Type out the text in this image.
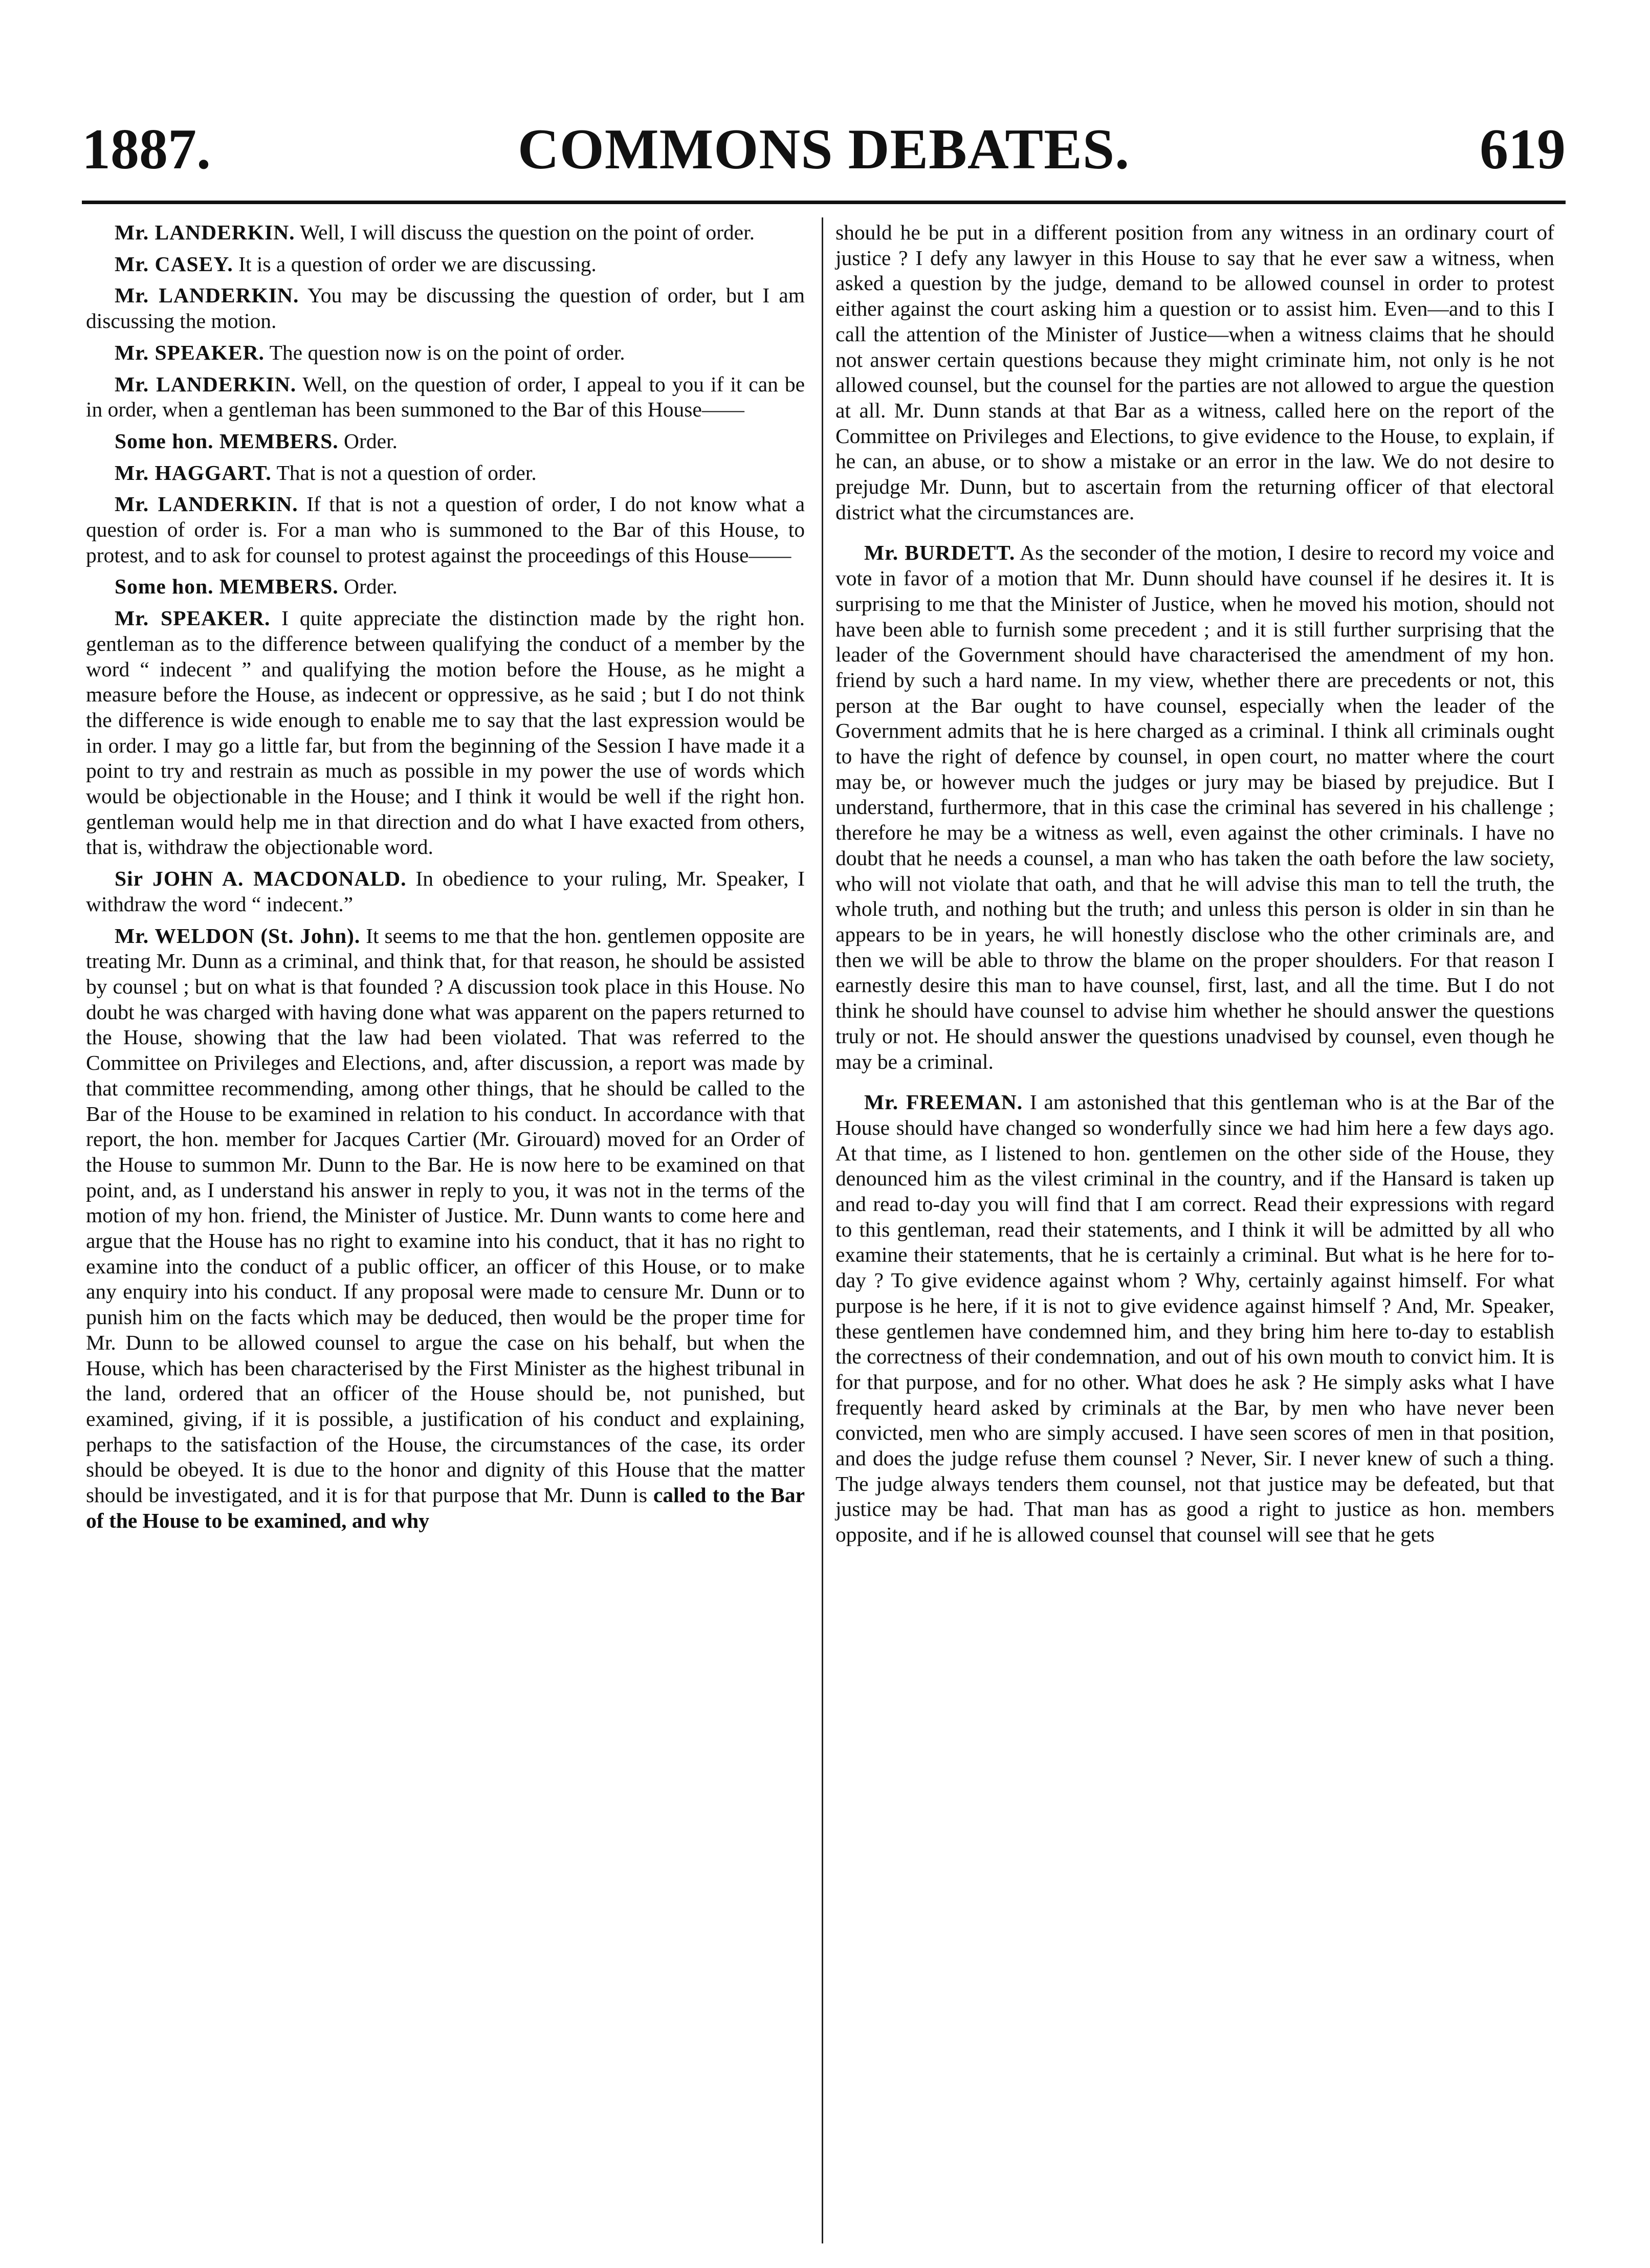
COMMONS DEBATES.
1887.	619

Mr. LANDERKIN. Well, I will discuss the question on the point of order.

Mr. CASEY. It is a question of order we are discussing.

Mr. LANDERKIN. You may be discussing the question of order, but I am discussing the motion.

Mr. SPEAKER. The question now is on the point of order.

Mr. LANDERKIN. Well, on the question of order, I appeal to you if it can be in order, when a gentleman has been summoned to the Bar of this House——

Some hon. MEMBERS. Order.

Mr. HAGGART. That is not a question of order.

Mr. LANDERKIN. If that is not a question of order, I do not know what a question of order is. For a man who is summoned to the Bar of this House, to protest, and to ask for counsel to protest against the proceedings of this House——

Some hon. MEMBERS. Order.

Mr. SPEAKER. I quite appreciate the distinction made by the right hon. gentleman as to the difference between qualifying the conduct of a member by the word “ indecent ” and qualifying the motion before the House, as he might a measure before the House, as indecent or oppressive, as he said ; but I do not think the difference is wide enough to enable me to say that the last expression would be in order. I may go a little far, but from the beginning of the Session I have made it a point to try and restrain as much as possible in my power the use of words which would be objectionable in the House; and I think it would be well if the right hon. gentleman would help me in that direction and do what I have exacted from others, that is, withdraw the objectionable word.

Sir JOHN A. MACDONALD. In obedience to your ruling, Mr. Speaker, I withdraw the word “ indecent.”

Mr. WELDON (St. John). It seems to me that the hon. gentlemen opposite are treating Mr. Dunn as a criminal, and think that, for that reason, he should be assisted by counsel ; but on what is that founded ? A discussion took place in this House. No doubt he was charged with having done what was apparent on the papers returned to the House, showing that the law had been violated. That was referred to the Committee on Privileges and Elections, and, after discussion, a report was made by that committee recommending, among other things, that he should be called to the Bar of the House to be examined in relation to his conduct. In accordance with that report, the hon. member for Jacques Cartier (Mr. Girouard) moved for an Order of the House to summon Mr. Dunn to the Bar. He is now here to be examined on that point, and, as I understand his answer in reply to you, it was not in the terms of the motion of my hon. friend, the Minister of Justice. Mr. Dunn wants to come here and argue that the House has no right to examine into his conduct, that it has no right to examine into the conduct of a public officer, an officer of this House, or to make any enquiry into his conduct. If any proposal were made to censure Mr. Dunn or to punish him on the facts which may be deduced, then would be the proper time for Mr. Dunn to be allowed counsel to argue the case on his behalf, but when the House, which has been characterised by the First Minister as the highest tribunal in the land, ordered that an officer of the House should be, not punished, but examined, giving, if it is possible, a justification of his conduct and explaining, perhaps to the satisfaction of the House, the circumstances of the case, its order should be obeyed. It is due to the honor and dignity of this House that the matter should be investigated, and it is for that purpose that Mr. Dunn is called to the Bar of the House to be examined, and why

should he be put in a different position from any witness in an ordinary court of justice ? I defy any lawyer in this House to say that he ever saw a witness, when asked a question by the judge, demand to be allowed counsel in order to protest either against the court asking him a question or to assist him. Even—and to this I call the attention of the Minister of Justice—when a witness claims that he should not answer certain questions because they might criminate him, not only is he not allowed counsel, but the counsel for the parties are not allowed to argue the question at all. Mr. Dunn stands at that Bar as a witness, called here on the report of the Committee on Privileges and Elections, to give evidence to the House, to explain, if he can, an abuse, or to show a mistake or an error in the law. We do not desire to prejudge Mr. Dunn, but to ascertain from the returning officer of that electoral district what the circumstances are.

Mr. BURDETT. As the seconder of the motion, I desire to record my voice and vote in favor of a motion that Mr. Dunn should have counsel if he desires it. It is surprising to me that the Minister of Justice, when he moved his motion, should not have been able to furnish some precedent ; and it is still further surprising that the leader of the Government should have characterised the amendment of my hon. friend by such a hard name. In my view, whether there are precedents or not, this person at the Bar ought to have counsel, especially when the leader of the Government admits that he is here charged as a criminal. I think all criminals ought to have the right of defence by counsel, in open court, no matter where the court may be, or however much the judges or jury may be biased by prejudice. But I understand, furthermore, that in this case the criminal has severed in his challenge ; therefore he may be a witness as well, even against the other criminals. I have no doubt that he needs a counsel, a man who has taken the oath before the law society, who will not violate that oath, and that he will advise this man to tell the truth, the whole truth, and nothing but the truth; and unless this person is older in sin than he appears to be in years, he will honestly disclose who the other criminals are, and then we will be able to throw the blame on the proper shoulders. For that reason I earnestly desire this man to have counsel, first, last, and all the time. But I do not think he should have counsel to advise him whether he should answer the questions truly or not. He should answer the questions unadvised by counsel, even though he may be a criminal.

Mr. FREEMAN. I am astonished that this gentleman who is at the Bar of the House should have changed so wonderfully since we had him here a few days ago. At that time, as I listened to hon. gentlemen on the other side of the House, they denounced him as the vilest criminal in the country, and if the Hansard is taken up and read to-day you will find that I am correct. Read their expressions with regard to this gentleman, read their statements, and I think it will be admitted by all who examine their statements, that he is certainly a criminal. But what is he here for to-day ? To give evidence against whom ? Why, certainly against himself. For what purpose is he here, if it is not to give evidence against himself ? And, Mr. Speaker, these gentlemen have condemned him, and they bring him here to-day to establish the correctness of their condemnation, and out of his own mouth to convict him. It is for that purpose, and for no other. What does he ask ? He simply asks what I have frequently heard asked by criminals at the Bar, by men who have never been convicted, men who are simply accused. I have seen scores of men in that position, and does the judge refuse them counsel ? Never, Sir. I never knew of such a thing. The judge always tenders them counsel, not that justice may be defeated, but that justice may be had. That man has as good a right to justice as hon. members opposite, and if he is allowed counsel that counsel will see that he gets
